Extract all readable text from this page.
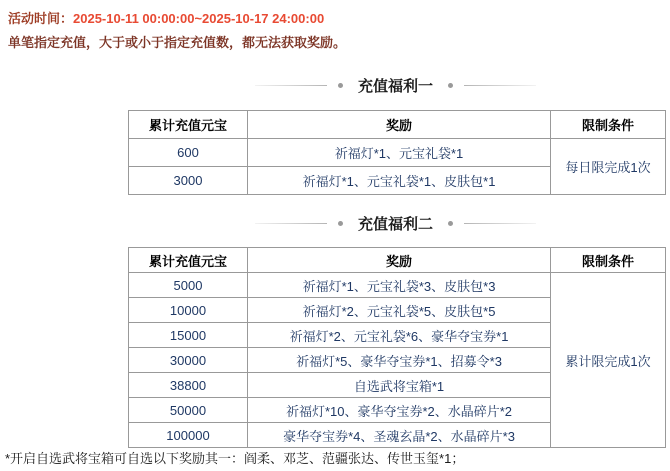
活动时间：2025-10-11 00:00:00~2025-10-17 24:00:00
单笔指定充值，大于或小于指定充值数，都无法获取奖励。
充值福利一
累计充值元宝	奖励	限制条件
600	祈福灯*1、元宝礼袋*1	每日限完成1次
3000	祈福灯*1、元宝礼袋*1、皮肤包*1	
充值福利二
累计充值元宝	奖励	限制条件
5000	祈福灯*1、元宝礼袋*3、皮肤包*3	累计限完成1次
10000	祈福灯*2、元宝礼袋*5、皮肤包*5	
15000	祈福灯*2、元宝礼袋*6、豪华夺宝券*1	
30000	祈福灯*5、豪华夺宝券*1、招募令*3	
38800	自选武将宝箱*1	
50000	祈福灯*10、豪华夺宝券*2、水晶碎片*2	
100000	豪华夺宝券*4、圣魂玄晶*2、水晶碎片*3	
*开启自选武将宝箱可自选以下奖励其一：阎柔、邓芝、范疆张达、传世玉玺*1；
